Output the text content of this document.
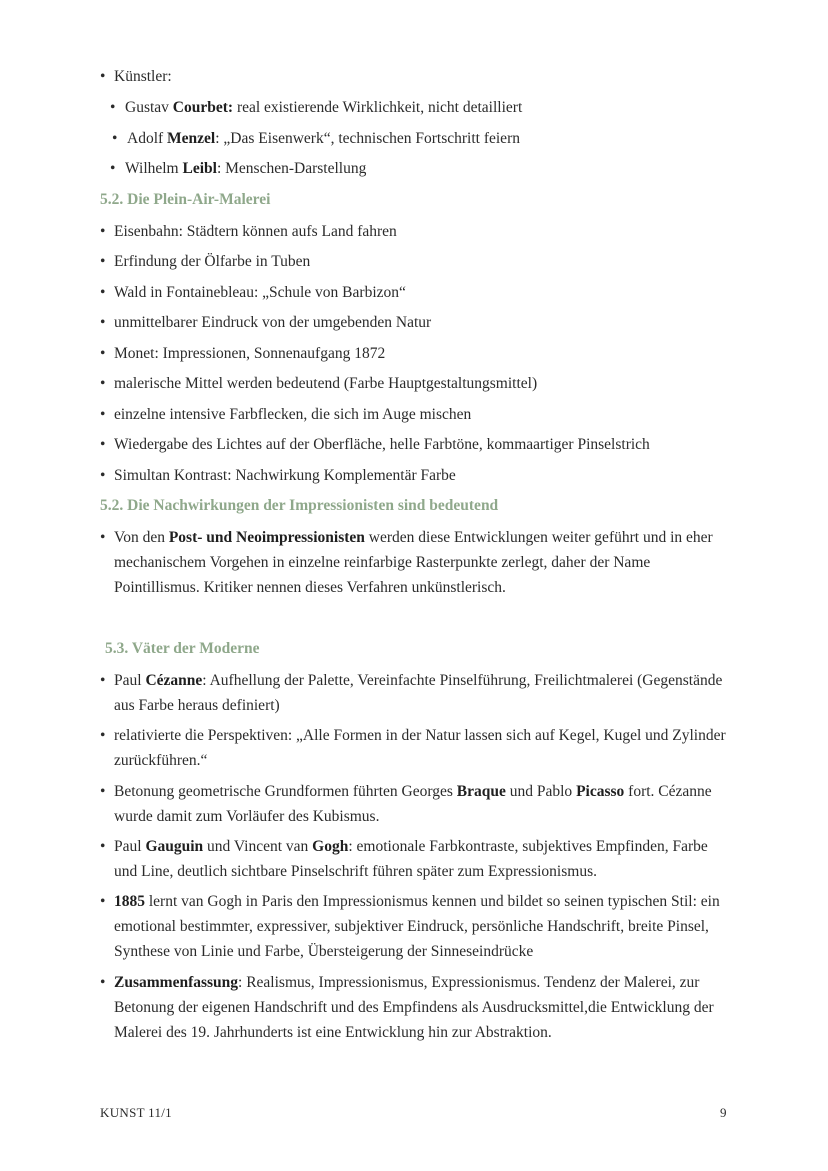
• Künstler:
• Gustav Courbet: real existierende Wirklichkeit, nicht detailliert
• Adolf Menzel: „Das Eisenwerk“, technischen Fortschritt feiern
• Wilhelm Leibl: Menschen-Darstellung
5.2. Die Plein-Air-Malerei
• Eisenbahn: Städtern können aufs Land fahren
• Erfindung der Ölfarbe in Tuben
• Wald in Fontainebleau: „Schule von Barbizon“
• unmittelbarer Eindruck von der umgebenden Natur
• Monet: Impressionen, Sonnenaufgang 1872
• malerische Mittel werden bedeutend (Farbe Hauptgestaltungsmittel)
• einzelne intensive Farbflecken, die sich im Auge mischen
• Wiedergabe des Lichtes auf der Oberfläche, helle Farbtöne, kommaartiger Pinselstrich
• Simultan Kontrast: Nachwirkung Komplementär Farbe
5.2. Die Nachwirkungen der Impressionisten sind bedeutend
• Von den Post- und Neoimpressionisten werden diese Entwicklungen weiter geführt und in eher mechanischem Vorgehen in einzelne reinfarbige Rasterpunkte zerlegt, daher der Name Pointillismus. Kritiker nennen dieses Verfahren unkünstlerisch.
5.3. Väter der Moderne
• Paul Cézanne: Aufhellung der Palette, Vereinfachte Pinselführung, Freilichtmalerei (Gegenstände aus Farbe heraus definiert)
• relativierte die Perspektiven: „Alle Formen in der Natur lassen sich auf Kegel, Kugel und Zylinder zurückführen.“
• Betonung geometrische Grundformen führten Georges Braque und Pablo Picasso fort. Cézanne wurde damit zum Vorläufer des Kubismus.
• Paul Gauguin und Vincent van Gogh: emotionale Farbkontraste, subjektives Empfinden, Farbe und Line, deutlich sichtbare Pinselschrift führen später zum Expressionismus.
• 1885 lernt van Gogh in Paris den Impressionismus kennen und bildet so seinen typischen Stil: ein emotional bestimmter, expressiver, subjektiver Eindruck, persönliche Handschrift, breite Pinsel, Synthese von Linie und Farbe, Übersteigerung der Sinneseindrücke
• Zusammenfassung: Realismus, Impressionismus, Expressionismus. Tendenz der Malerei, zur Betonung der eigenen Handschrift und des Empfindens als Ausdrucksmittel,die Entwicklung der Malerei des 19. Jahrhunderts ist eine Entwicklung hin zur Abstraktion.
KUNST 11/1	9
